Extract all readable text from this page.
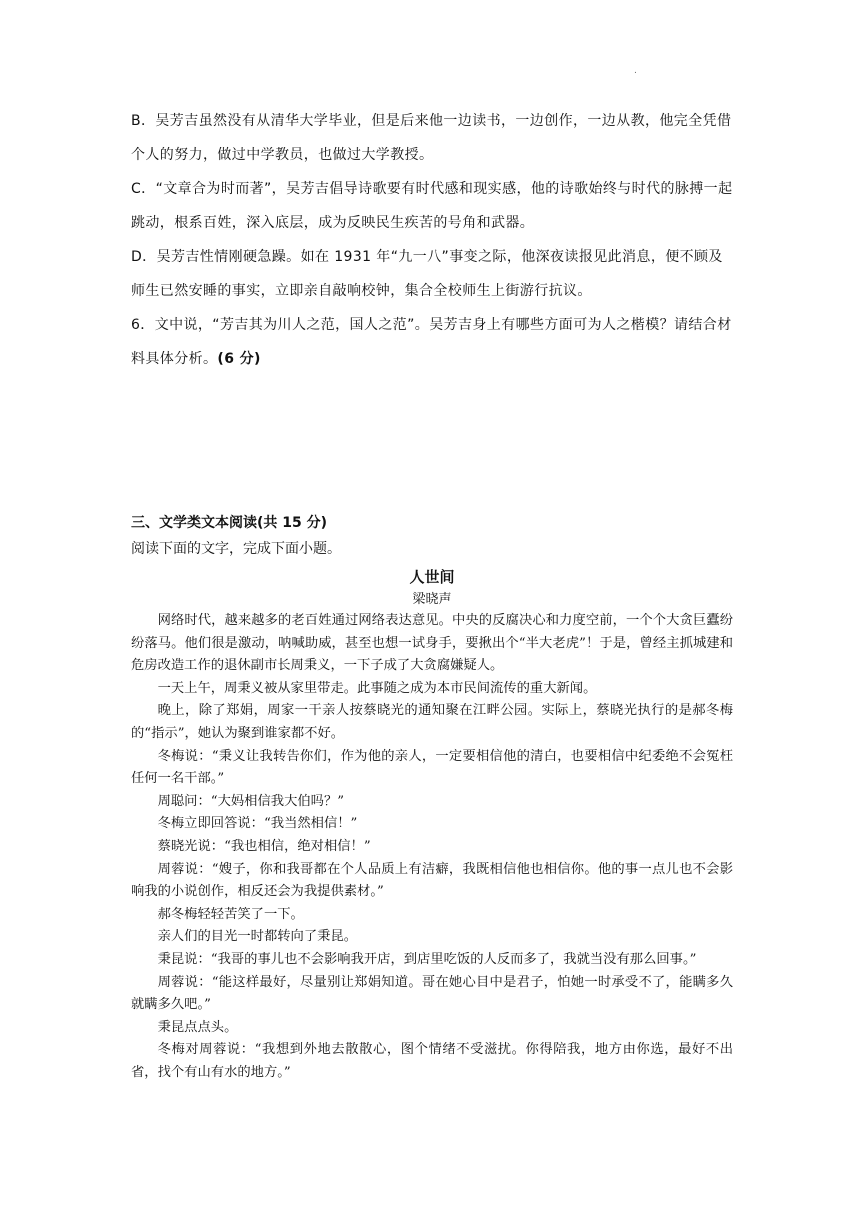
.

B．吴芳吉虽然没有从清华大学毕业，但是后来他一边读书，一边创作，一边从教，他完全凭借个人的努力，做过中学教员，也做过大学教授。

C．“文章合为时而著”，吴芳吉倡导诗歌要有时代感和现实感，他的诗歌始终与时代的脉搏一起跳动，根系百姓，深入底层，成为反映民生疾苦的号角和武器。

D．吴芳吉性情刚硬急躁。如在 1931 年“九一八”事变之际，他深夜读报见此消息，便不顾及师生已然安睡的事实，立即亲自敲响校钟，集合全校师生上街游行抗议。

6．文中说，“芳吉其为川人之范，国人之范”。吴芳吉身上有哪些方面可为人之楷模？请结合材料具体分析。(6 分)

三、文学类文本阅读(共 15 分)
阅读下面的文字，完成下面小题。
人世间
梁晓声

网络时代，越来越多的老百姓通过网络表达意见。中央的反腐决心和力度空前，一个个大贪巨蠹纷纷落马。他们很是激动，呐喊助威，甚至也想一试身手，要揪出个“半大老虎”！于是，曾经主抓城建和危房改造工作的退休副市长周秉义，一下子成了大贪腐嫌疑人。

一天上午，周秉义被从家里带走。此事随之成为本市民间流传的重大新闻。

晚上，除了郑娟，周家一干亲人按蔡晓光的通知聚在江畔公园。实际上，蔡晓光执行的是郝冬梅的“指示”，她认为聚到谁家都不好。

冬梅说：“秉义让我转告你们，作为他的亲人，一定要相信他的清白，也要相信中纪委绝不会冤枉任何一名干部。”

周聪问：“大妈相信我大伯吗？”

冬梅立即回答说：“我当然相信！”

蔡晓光说：“我也相信，绝对相信！”

周蓉说：“嫂子，你和我哥都在个人品质上有洁癖，我既相信他也相信你。他的事一点儿也不会影响我的小说创作，相反还会为我提供素材。”

郝冬梅轻轻苦笑了一下。

亲人们的目光一时都转向了秉昆。

秉昆说：“我哥的事儿也不会影响我开店，到店里吃饭的人反而多了，我就当没有那么回事。”

周蓉说：“能这样最好，尽量别让郑娟知道。哥在她心目中是君子，怕她一时承受不了，能瞒多久就瞒多久吧。”

秉昆点点头。

冬梅对周蓉说：“我想到外地去散散心，图个情绪不受滋扰。你得陪我，地方由你选，最好不出省，找个有山有水的地方。”
